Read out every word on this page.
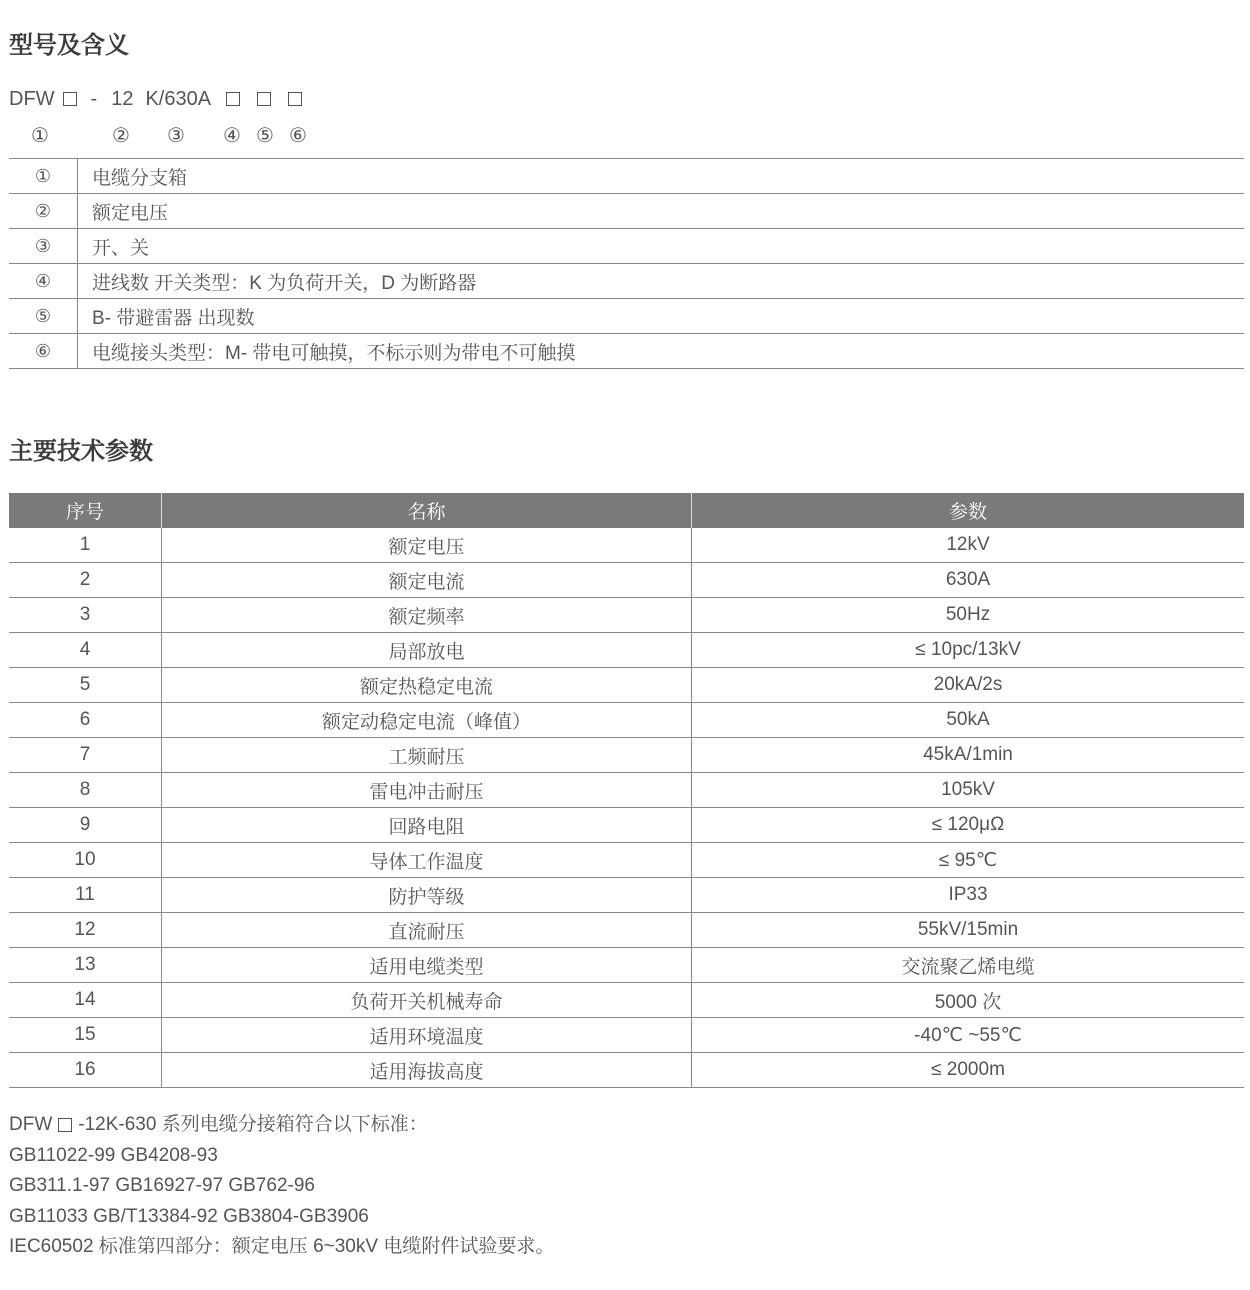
型号及含义
DFW - 12 K/630A
①	② ③ ④ ⑤ ⑥
①	电缆分支箱
②	额定电压
③	开、关
④	进线数 开关类型：K 为负荷开关，D 为断路器
⑤	B- 带避雷器 出现数
⑥	电缆接头类型：M- 带电可触摸，不标示则为带电不可触摸
主要技术参数
序号	名称	参数
1	额定电压	12kV
2	额定电流	630A
3	额定频率	50Hz
4	局部放电	≤ 10pc/13kV
5	额定热稳定电流	20kA/2s
6	额定动稳定电流（峰值）	50kA
7	工频耐压	45kA/1min
8	雷电冲击耐压	105kV
9	回路电阻	≤ 120μΩ
10	导体工作温度	≤ 95℃
11	防护等级	IP33
12	直流耐压	55kV/15min
13	适用电缆类型	交流聚乙烯电缆
14	负荷开关机械寿命	5000 次
15	适用环境温度	-40℃ ~55℃
16	适用海拔高度	≤ 2000m
DFW -12K-630 系列电缆分接箱符合以下标准：
GB11022-99 GB4208-93
GB311.1-97 GB16927-97 GB762-96
GB11033 GB/T13384-92 GB3804-GB3906
IEC60502 标准第四部分：额定电压 6~30kV 电缆附件试验要求。
